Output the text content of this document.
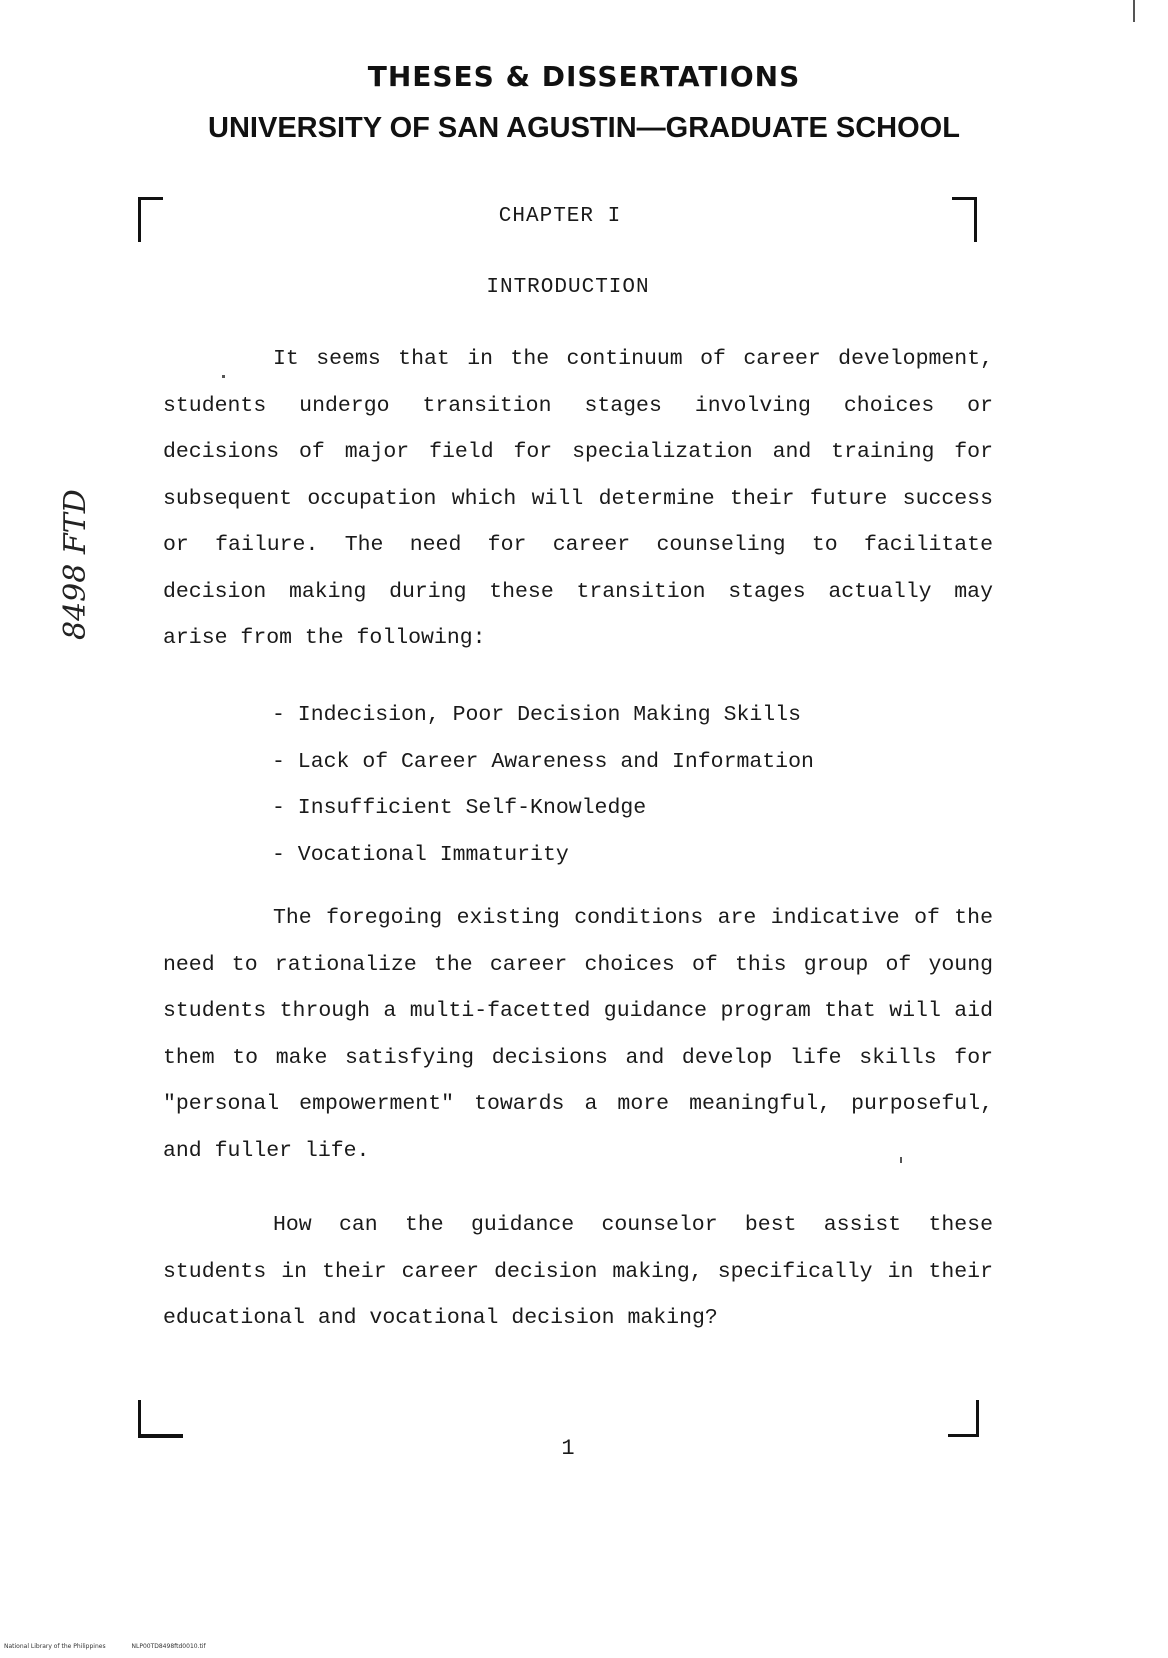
THESES & DISSERTATIONS
UNIVERSITY OF SAN AGUSTIN—GRADUATE SCHOOL
CHAPTER I
INTRODUCTION

It seems that in the continuum of career development, students undergo transition stages involving choices or decisions of major field for specialization and training for subsequent occupation which will determine their future success or failure. The need for career counseling to facilitate decision making during these transition stages actually may arise from the following:

- Indecision, Poor Decision Making Skills
- Lack of Career Awareness and Information
- Insufficient Self-Knowledge
- Vocational Immaturity

The foregoing existing conditions are indicative of the need to rationalize the career choices of this group of young students through a multi-facetted guidance program that will aid them to make satisfying decisions and develop life skills for "personal empowerment" towards a more meaningful, purposeful, and fuller life.

How can the guidance counselor best assist these students in their career decision making, specifically in their educational and vocational decision making?

8498 FTD
1
National Library of the Philippines	NLP00TD8498ftd0010.tif
